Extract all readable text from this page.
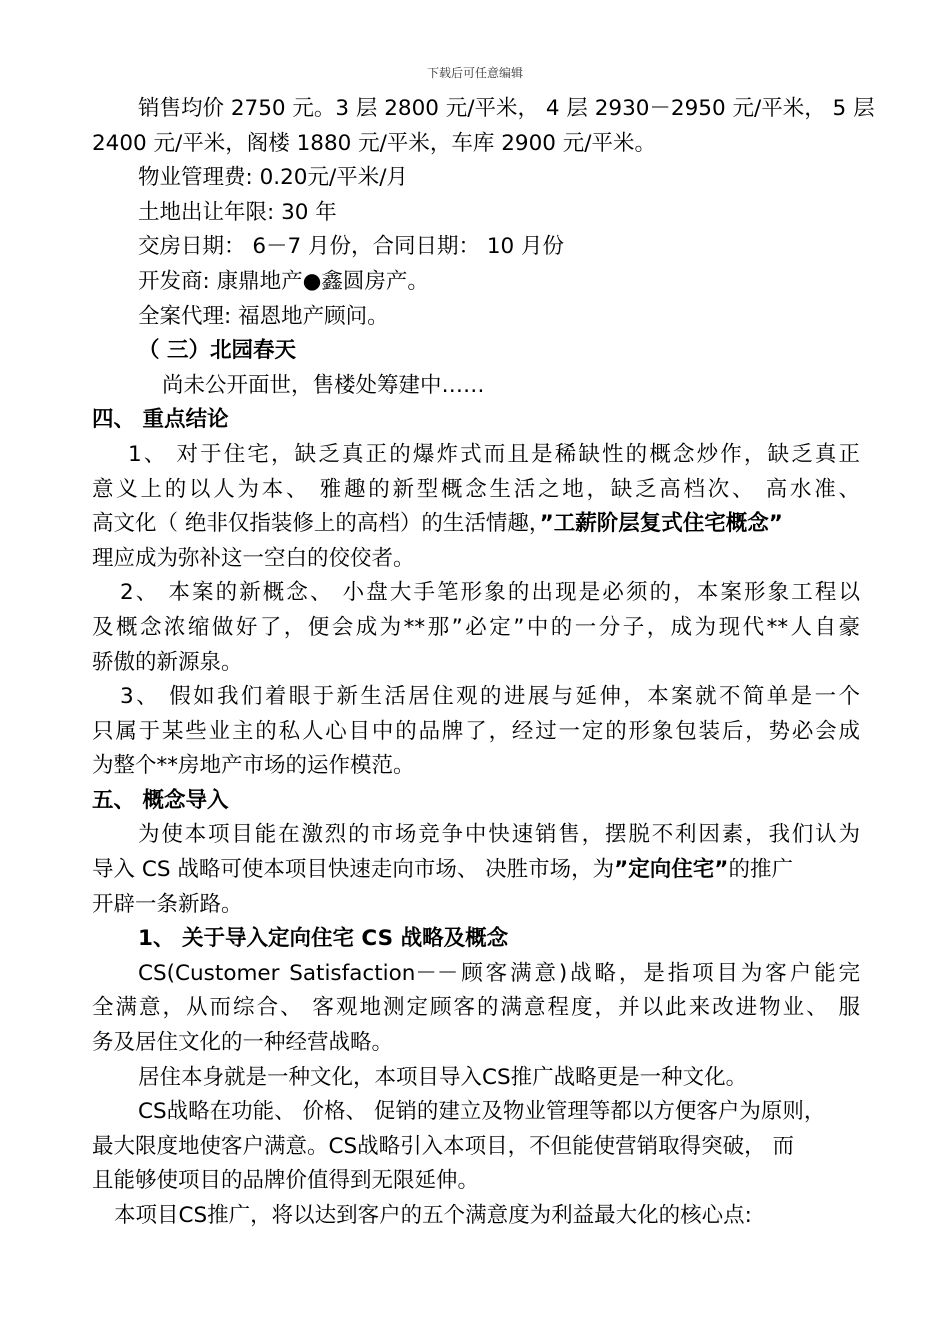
下载后可任意编辑
销售均价 2750 元。3 层 2800 元/平米， 4 层 2930－2950 元/平米， 5 层
2400 元/平米，阁楼 1880 元/平米，车库 2900 元/平米。
物业管理费: 0.20元/平米/月
土地出让年限: 30 年
交房日期： 6－7 月份，合同日期： 10 月份
开发商: 康鼎地产●鑫圆房产。
全案代理: 福恩地产顾问。
（ 三）北园春天
尚未公开面世，售楼处筹建中……
四、 重点结论
1、 对于住宅，缺乏真正的爆炸式而且是稀缺性的概念炒作，缺乏真正
意义上的以人为本、 雅趣的新型概念生活之地，缺乏高档次、 高水准、
高文化（ 绝非仅指装修上的高档）的生活情趣，”工薪阶层复式住宅概念”
理应成为弥补这一空白的佼佼者。
2、 本案的新概念、 小盘大手笔形象的出现是必须的，本案形象工程以
及概念浓缩做好了，便会成为**那”必定”中的一分子，成为现代**人自豪
骄傲的新源泉。
3、 假如我们着眼于新生活居住观的进展与延伸，本案就不简单是一个
只属于某些业主的私人心目中的品牌了，经过一定的形象包装后，势必会成
为整个**房地产市场的运作模范。
五、 概念导入
为使本项目能在激烈的市场竞争中快速销售，摆脱不利因素，我们认为
导入 CS 战略可使本项目快速走向市场、 决胜市场，为”定向住宅”的推广
开辟一条新路。
1、 关于导入定向住宅 CS 战略及概念
CS(Customer Satisfaction－－顾客满意)战略，是指项目为客户能完
全满意，从而综合、 客观地测定顾客的满意程度，并以此来改进物业、 服
务及居住文化的一种经营战略。
居住本身就是一种文化，本项目导入CS推广战略更是一种文化。
CS战略在功能、 价格、 促销的建立及物业管理等都以方便客户为原则，
最大限度地使客户满意。CS战略引入本项目，不但能使营销取得突破， 而
且能够使项目的品牌价值得到无限延伸。
本项目CS推广，将以达到客户的五个满意度为利益最大化的核心点:
